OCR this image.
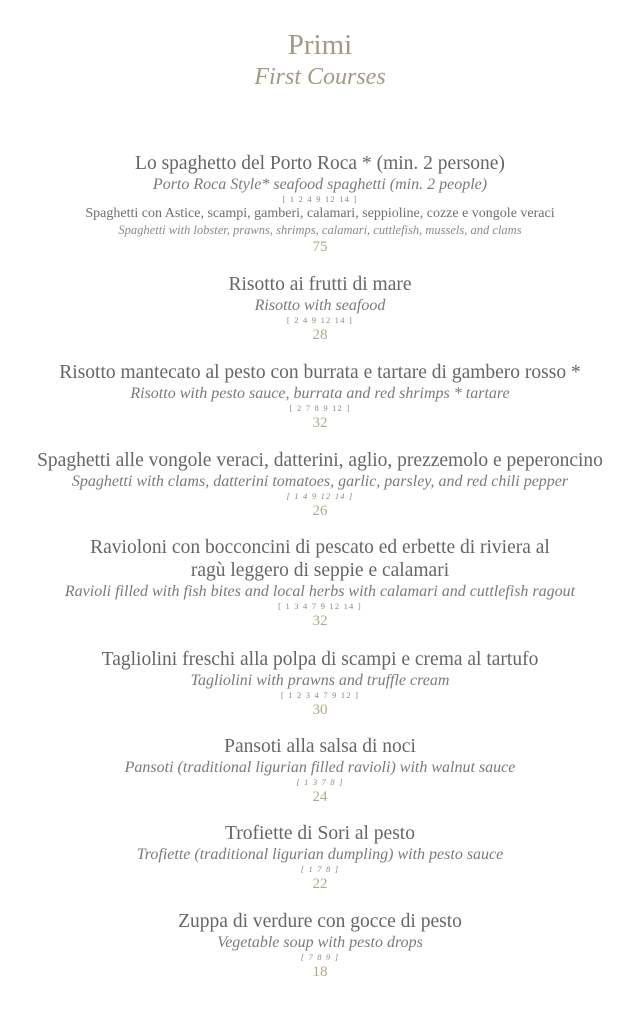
Primi
First Courses
Lo spaghetto del Porto Roca * (min. 2 persone)
Porto Roca Style* seafood spaghetti (min. 2 people)
[ 1 2 4 9 12 14 ]
Spaghetti con Astice, scampi, gamberi, calamari, seppioline, cozze e vongole veraci
Spaghetti with lobster, prawns, shrimps, calamari, cuttlefish, mussels, and clams
75
Risotto ai frutti di mare
Risotto with seafood
[ 2 4 9 12 14 ]
28
Risotto mantecato al pesto con burrata e tartare di gambero rosso *
Risotto with pesto sauce, burrata and red shrimps * tartare
[ 2 7 8 9 12 ]
32
Spaghetti alle vongole veraci, datterini, aglio, prezzemolo e peperoncino
Spaghetti with clams, datterini tomatoes, garlic, parsley, and red chili pepper
[ 1 4 9 12 14 ]
26
Ravioloni con bocconcini di pescato ed erbette di riviera al
ragù leggero di seppie e calamari
Ravioli filled with fish bites and local herbs with calamari and cuttlefish ragout
[ 1 3 4 7 9 12 14 ]
32
Tagliolini freschi alla polpa di scampi e crema al tartufo
Tagliolini with prawns and truffle cream
[ 1 2 3 4 7 9 12 ]
30
Pansoti alla salsa di noci
Pansoti (traditional ligurian filled ravioli) with walnut sauce
[ 1 3 7 8 ]
24
Trofiette di Sori al pesto
Trofiette (traditional ligurian dumpling) with pesto sauce
[ 1 7 8 ]
22
Zuppa di verdure con gocce di pesto
Vegetable soup with pesto drops
[ 7 8 9 ]
18
